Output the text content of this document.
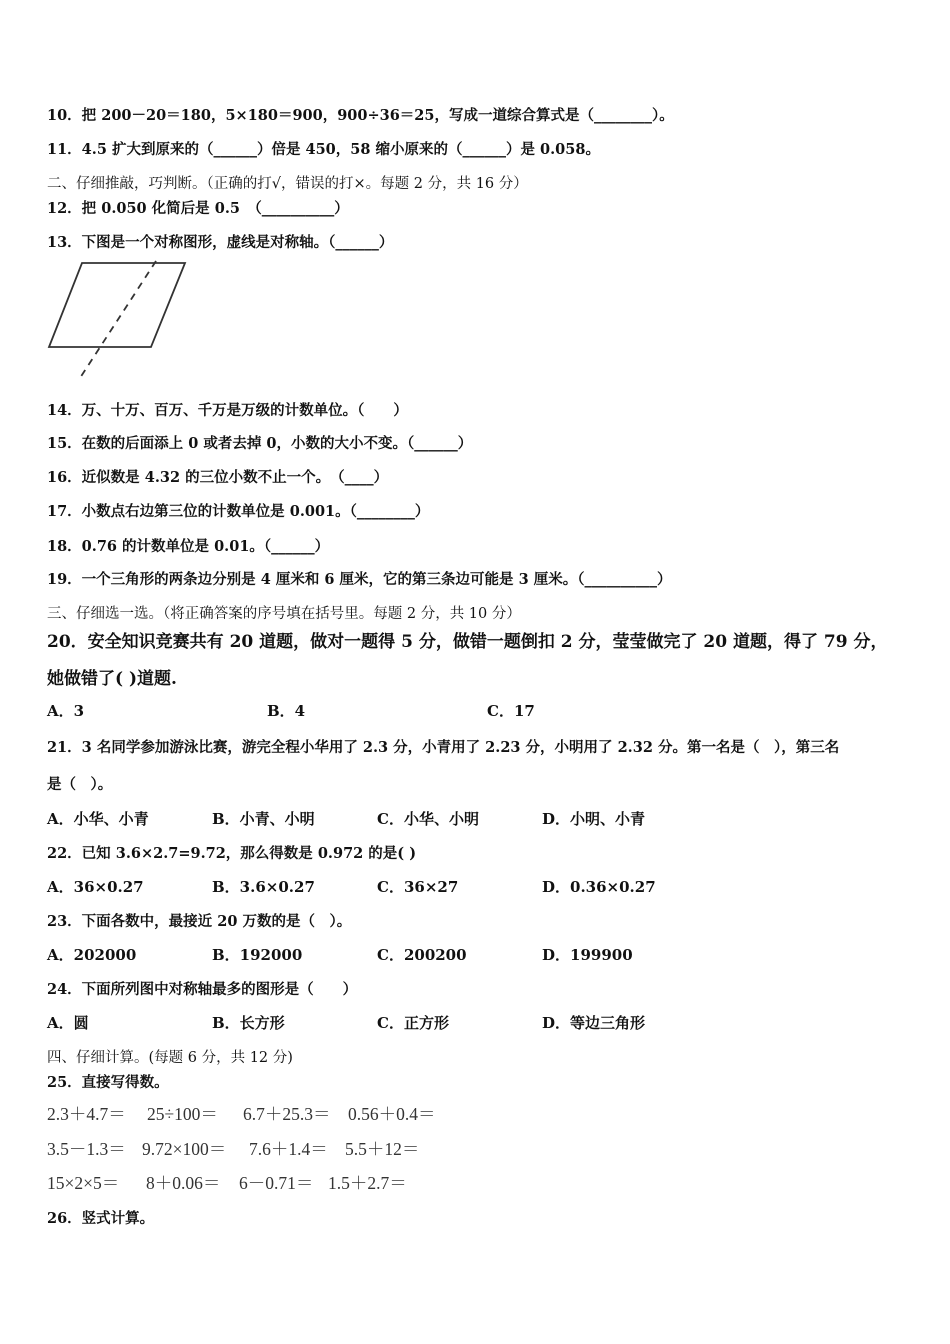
10．把 200－20＝180，5×180＝900，900÷36＝25，写成一道综合算式是（________）。
11．4.5 扩大到原来的（______）倍是 450，58 缩小原来的（______）是 0.058。
二、仔细推敲，巧判断。（正确的打√，错误的打×。每题 2 分，共 16 分）
12．把 0.050 化简后是 0.5　（__________）
13．下图是一个对称图形，虚线是对称轴。（______）
14．万、十万、百万、千万是万级的计数单位。（　　）
15．在数的后面添上 0 或者去掉 0，小数的大小不变。（______）
16．近似数是 4.32 的三位小数不止一个。　（____）
17．小数点右边第三位的计数单位是 0.001。（________）
18．0.76 的计数单位是 0.01。（______）
19．一个三角形的两条边分别是 4 厘米和 6 厘米，它的第三条边可能是 3 厘米。（__________）
三、仔细选一选。（将正确答案的序号填在括号里。每题 2 分，共 10 分）
20．安全知识竞赛共有 20 道题，做对一题得 5 分，做错一题倒扣 2 分，莹莹做完了 20 道题，得了 79 分，
她做错了( )道题.
A．3	B．4	C．17
21．3 名同学参加游泳比赛，游完全程小华用了 2.3 分，小青用了 2.23 分，小明用了 2.32 分。第一名是（　），第三名
是（　）。
A．小华、小青	B．小青、小明	C．小华、小明	D．小明、小青
22．已知 3.6×2.7=9.72，那么得数是 0.972 的是( )
A．36×0.27	B．3.6×0.27	C．36×27	D．0.36×0.27
23．下面各数中，最接近 20 万数的是（　）。
A．202000	B．192000	C．200200	D．199900
24．下面所列图中对称轴最多的图形是（　　）
A．圆	B．长方形	C．正方形	D．等边三角形
四、仔细计算。(每题 6 分，共 12 分)
25．直接写得数。
2.3＋4.7＝ 25÷100＝ 6.7＋25.3＝ 0.56＋0.4＝
3.5－1.3＝ 9.72×100＝ 7.6＋1.4＝ 5.5＋12＝
15×2×5＝ 8＋0.06＝ 6－0.71＝ 1.5＋2.7＝
26．竖式计算。
